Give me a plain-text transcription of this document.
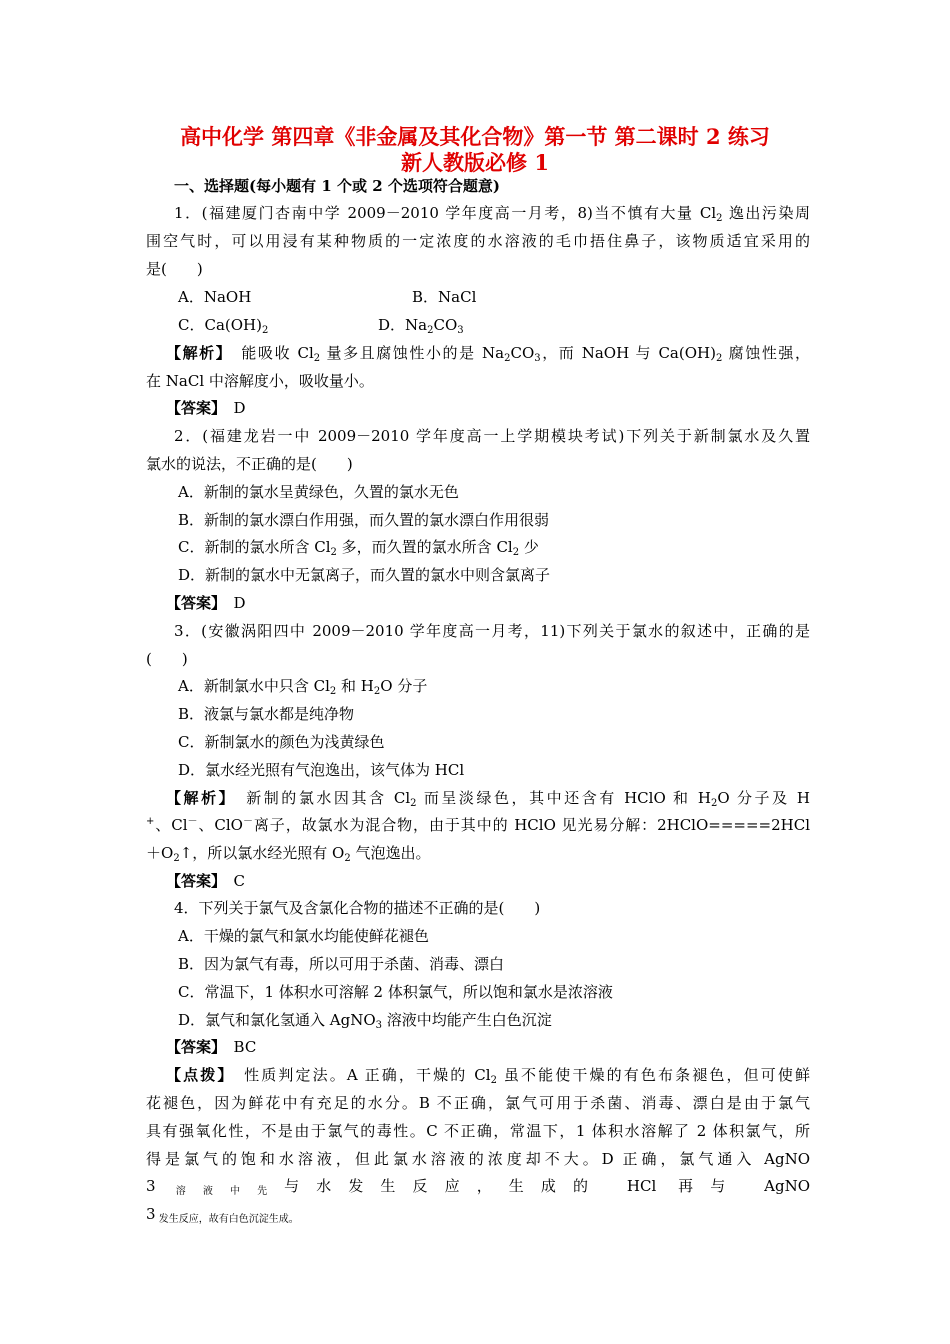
高中化学 第四章《非金属及其化合物》第一节 第二课时 2 练习
新人教版必修 1
一、选择题(每小题有 1 个或 2 个选项符合题意)
1．(福建厦门杏南中学 2009－2010 学年度高一月考，8)当不慎有大量 $Cl_2$ 逸出污染周
围空气时，可以用浸有某种物质的一定浓度的水溶液的毛巾捂住鼻子，该物质适宜采用的
是(　　)
A．NaOH	B．NaCl
C．$Ca(OH)_2$	D．$Na_2CO_3$
【解析】　能吸收 $Cl_2$ 量多且腐蚀性小的是 $Na_2CO_3$，而 NaOH 与 $Ca(OH)_2$ 腐蚀性强，
在 NaCl 中溶解度小，吸收量小。
【答案】　D
2．(福建龙岩一中 2009－2010 学年度高一上学期模块考试)下列关于新制氯水及久置
氯水的说法，不正确的是(　　)
A．新制的氯水呈黄绿色，久置的氯水无色
B．新制的氯水漂白作用强，而久置的氯水漂白作用很弱
C．新制的氯水所含 $Cl_2$ 多，而久置的氯水所含 $Cl_2$ 少
D．新制的氯水中无氯离子，而久置的氯水中则含氯离子
【答案】　D
3．(安徽涡阳四中 2009－2010 学年度高一月考，11)下列关于氯水的叙述中，正确的是
(　　)
A．新制氯水中只含 $Cl_2$ 和 $H_2O$ 分子
B．液氯与氯水都是纯净物
C．新制氯水的颜色为浅黄绿色
D．氯水经光照有气泡逸出，该气体为 HCl
【解析】　新制的氯水因其含 $Cl_2$ 而呈淡绿色，其中还含有 HClO 和 $H_2O$ 分子及 H
+、Cl－、ClO－离子，故氯水为混合物，由于其中的 HClO 见光易分解：2HClO=====2HCl
$+O_2↑$，所以氯水经光照有 $O_2$ 气泡逸出。
【答案】　C
4．下列关于氯气及含氯化合物的描述不正确的是(　　)
A．干燥的氯气和氯水均能使鲜花褪色
B．因为氯气有毒，所以可用于杀菌、消毒、漂白
C．常温下，1 体积水可溶解 2 体积氯气，所以饱和氯水是浓溶液
D．氯气和氯化氢通入 AgNO$_3$ 溶液中均能产生白色沉淀
【答案】　BC
【点拨】　性质判定法。A 正确，干燥的 $Cl_2$ 虽不能使干燥的有色布条褪色，但可使鲜
花褪色，因为鲜花中有充足的水分。B 不正确，氯气可用于杀菌、消毒、漂白是由于氯气
具有强氧化性，不是由于氯气的毒性。C 不正确，常温下，1 体积水溶解了 2 体积氯气，所
得是氯气的饱和水溶液，但此氯水溶液的浓度却不大。D 正确，氯气通入 AgNO
3 $_{溶液中先}$与水发生反应，生成的 HCl 再与 AgNO
3 $_{发生反应,故有白色沉淀生成。}$
